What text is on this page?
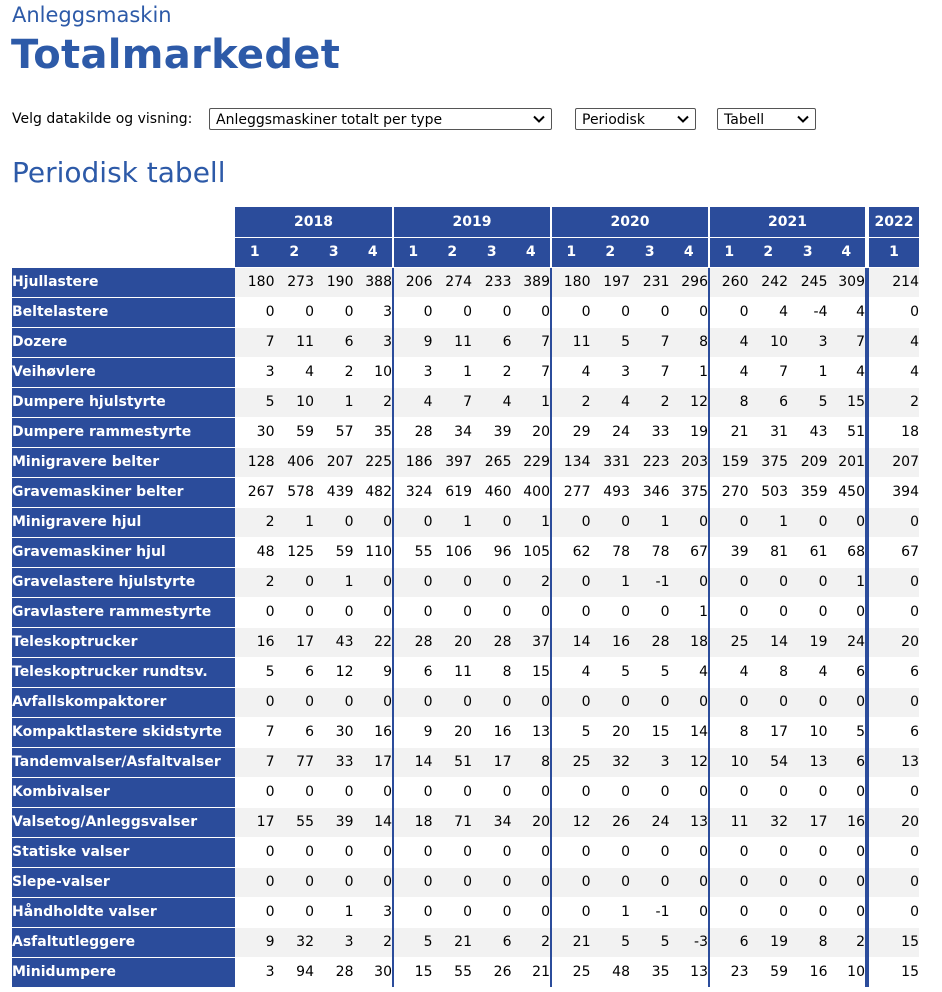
Anleggsmaskin
Totalmarkedet
Velg datakilde og visning:	Anleggsmaskiner totalt per type	Periodisk	Tabell
Periodisk tabell
	2018				2019				2020				2021				2022
	1	2	3	4	1	2	3	4	1	2	3	4	1	2	3	4	1
Hjullastere	180	273	190	388	206	274	233	389	180	197	231	296	260	242	245	309	214
Beltelastere	0	0	0	3	0	0	0	0	0	0	0	0	0	4	-4	4	0
Dozere	7	11	6	3	9	11	6	7	11	5	7	8	4	10	3	7	4
Veihøvlere	3	4	2	10	3	1	2	7	4	3	7	1	4	7	1	4	4
Dumpere hjulstyrte	5	10	1	2	4	7	4	1	2	4	2	12	8	6	5	15	2
Dumpere rammestyrte	30	59	57	35	28	34	39	20	29	24	33	19	21	31	43	51	18
Minigravere belter	128	406	207	225	186	397	265	229	134	331	223	203	159	375	209	201	207
Gravemaskiner belter	267	578	439	482	324	619	460	400	277	493	346	375	270	503	359	450	394
Minigravere hjul	2	1	0	0	0	1	0	1	0	0	1	0	0	1	0	0	0
Gravemaskiner hjul	48	125	59	110	55	106	96	105	62	78	78	67	39	81	61	68	67
Gravelastere hjulstyrte	2	0	1	0	0	0	0	2	0	1	-1	0	0	0	0	1	0
Gravlastere rammestyrte	0	0	0	0	0	0	0	0	0	0	0	1	0	0	0	0	0
Teleskoptrucker	16	17	43	22	28	20	28	37	14	16	28	18	25	14	19	24	20
Teleskoptrucker rundtsv.	5	6	12	9	6	11	8	15	4	5	5	4	4	8	4	6	6
Avfallskompaktorer	0	0	0	0	0	0	0	0	0	0	0	0	0	0	0	0	0
Kompaktlastere skidstyrte	7	6	30	16	9	20	16	13	5	20	15	14	8	17	10	5	6
Tandemvalser/Asfaltvalser	7	77	33	17	14	51	17	8	25	32	3	12	10	54	13	6	13
Kombivalser	0	0	0	0	0	0	0	0	0	0	0	0	0	0	0	0	0
Valsetog/Anleggsvalser	17	55	39	14	18	71	34	20	12	26	24	13	11	32	17	16	20
Statiske valser	0	0	0	0	0	0	0	0	0	0	0	0	0	0	0	0	0
Slepe-valser	0	0	0	0	0	0	0	0	0	0	0	0	0	0	0	0	0
Håndholdte valser	0	0	1	3	0	0	0	0	0	1	-1	0	0	0	0	0	0
Asfaltutleggere	9	32	3	2	5	21	6	2	21	5	5	-3	6	19	8	2	15
Minidumpere	3	94	28	30	15	55	26	21	25	48	35	13	23	59	16	10	15
